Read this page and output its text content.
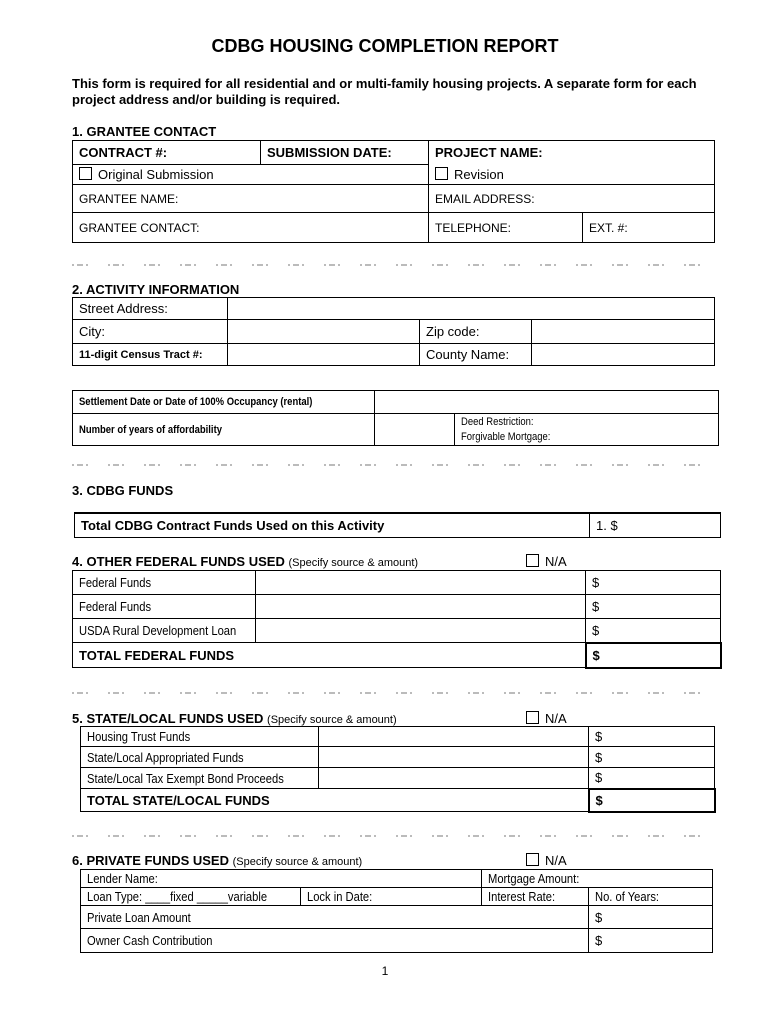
CDBG HOUSING COMPLETION REPORT
This form is required for all residential and or multi-family housing projects. A separate form for each project address and/or building is required.
1. GRANTEE CONTACT
CONTRACT #:	SUBMISSION DATE:	PROJECT NAME:	
Original Submission		Revision	
GRANTEE NAME:		EMAIL ADDRESS:	
GRANTEE CONTACT:		TELEPHONE:	EXT. #:
2. ACTIVITY INFORMATION
Street Address:			
City:		Zip code:	
11-digit Census Tract #:		County Name:	
Settlement Date or Date of 100% Occupancy (rental)		
Number of years of affordability		Deed Restriction:
Forgivable Mortgage:
3. CDBG FUNDS
Total CDBG Contract Funds Used on this Activity	1. $
4. OTHER FEDERAL FUNDS USED (Specify source & amount)	N/A
Federal Funds		$
Federal Funds		$
USDA Rural Development Loan		$
TOTAL FEDERAL FUNDS		$
5. STATE/LOCAL FUNDS USED (Specify source & amount)	N/A
Housing Trust Funds		$
State/Local Appropriated Funds		$
State/Local Tax Exempt Bond Proceeds		$
TOTAL STATE/LOCAL FUNDS		$
6. PRIVATE FUNDS USED (Specify source & amount)	N/A
Lender Name:		Mortgage Amount:	
Loan Type: ____fixed _____variable	Lock in Date:	Interest Rate:	No. of Years:
Private Loan Amount			$
Owner Cash Contribution			$
1
